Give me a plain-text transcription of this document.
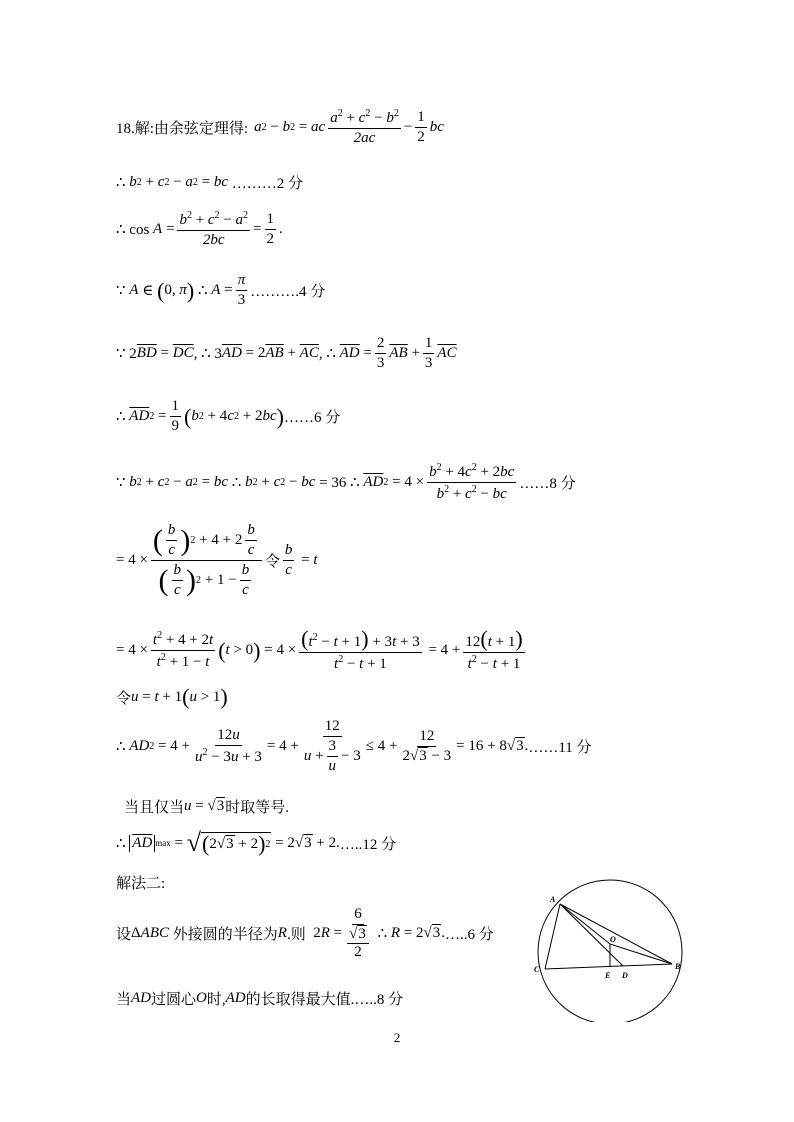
18.解:由余弦定理得: a 2 − b 2 = ac $\frac{a^2 + c^2 - b^2}{2ac} - \frac{1}{2}$ bc
∴ b 2 + c 2 − a 2 = bc
………2 分
∴ $\cos A = \frac{b^2 + c^2 - a^2}{2bc} = \frac{1}{2}$ .
∵ A ∈ ( 0, π ) ∴ $A = \frac{\pi}{3}$ ……….4 分
∵ 2 $\overline{BD} = \overline{DC}$ , ∴ 3 $\overline{AD} = 2$ $\overline{AB} + \overline{AC}$ , ∴ $\overline{AD} = \frac{2}{3} \overline{AB} + \frac{1}{3} \overline{AC}$
∴ $\overline{AD}$ $2 = \frac{1}{9}$ ( b 2 + 4 c 2 + 2 bc ) ……6 分
∵ b 2 + c 2 − a 2 = bc ∴ b 2 + c 2 − bc = 36 ∴ $\overline{AD}$ $2 = 4 \times \frac{b^2 + 4c^2 + 2bc}{b^2 + c^2 - bc}$ ……8 分
= $4 \times \frac{( \frac{b}{c} ) 2 + 4 + 2 \frac{b}{c}}{( \frac{b}{c} ) 2 + 1 - \frac{b}{c}}$ 令 $\frac{b}{c} = t$
= $4 \times \frac{t^2 + 4 + 2t}{t^2 + 1 - t}$ ( t > 0 ) = $4 \times \frac{(t^2 - t + 1) + 3t + 3}{t^2 - t + 1} = 4 + \frac{12(t + 1)}{t^2 - t + 1}$
令 u = t + 1 ( u > 1 )
∴ AD $2 = 4 + \frac{12u}{u^2 - 3u + 3} = 4 + \frac{12}{u + \frac{3}{u} - 3} \le 4 + \frac{12}{2√3 - 3} = 16 + 8$ √3 . ……11 分
当且仅当 u = √3 时取等号.
∴ $\overline{AD}$ max = √ ( 2 √3 + 2 ) 2 = 2 √3 + 2. …..12 分
解法二:
设 Δ ABC
外接圆的半径为 R .则 2 R = 6
√3
2 ∴ R = 2 √3 . …..6 分
当 AD 过圆心 O 时, AD 的长取得最大值. …..8 分
A
O
C
E D
B
2
